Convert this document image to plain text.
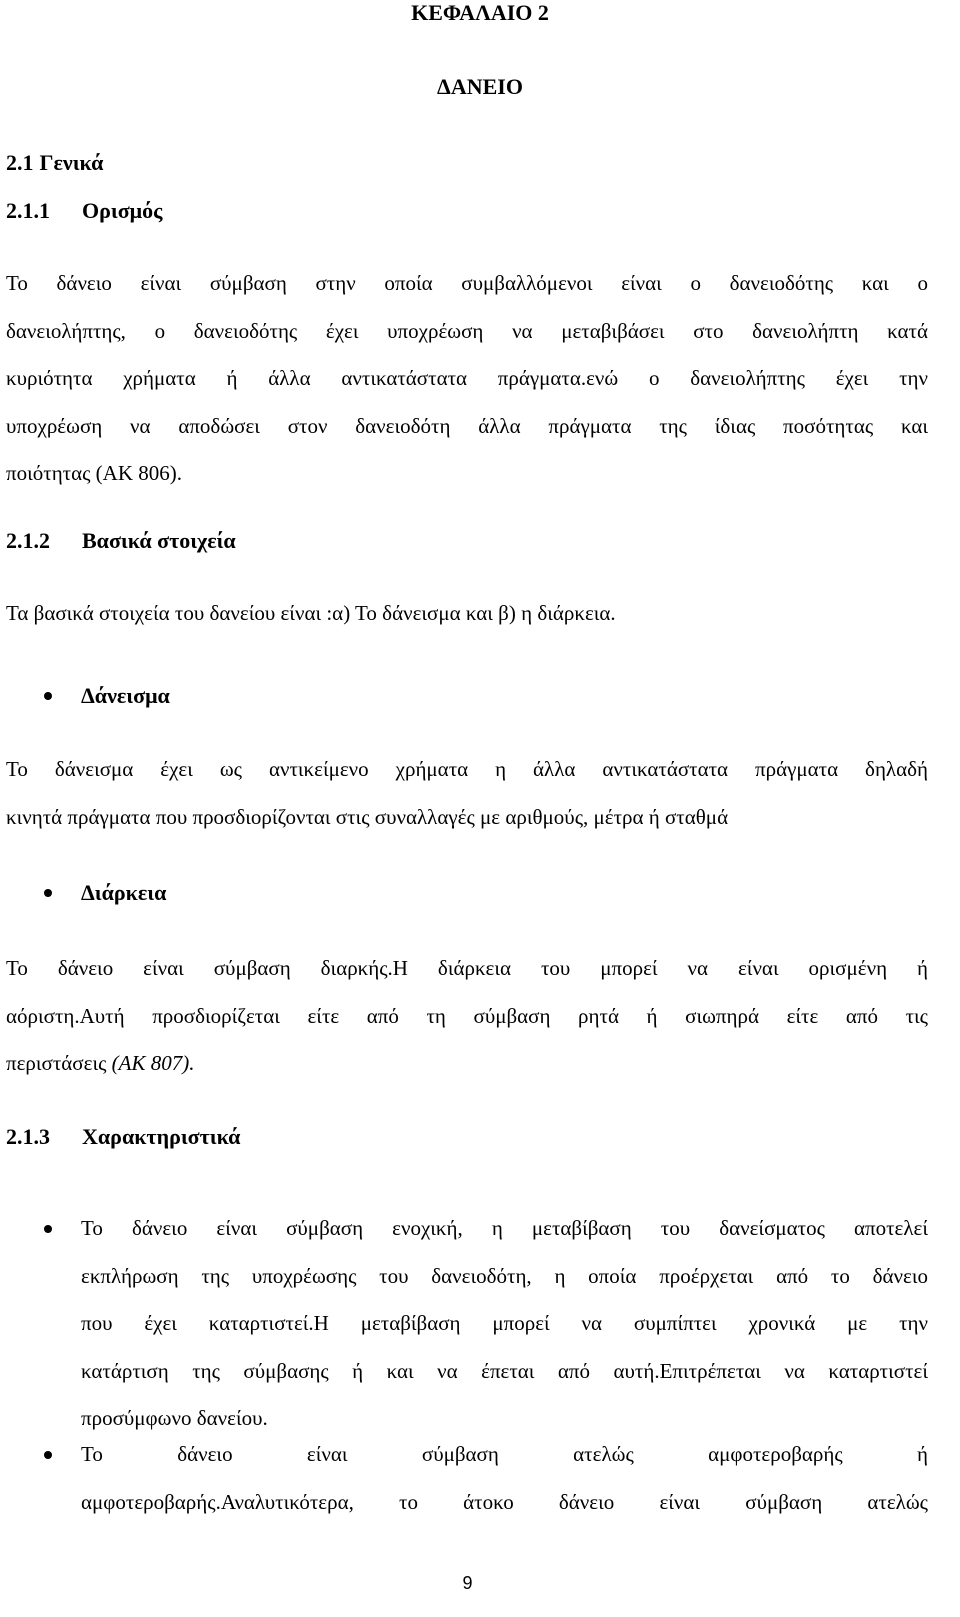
ΚΕΦΑΛΑΙΟ 2
ΔΑΝΕΙΟ
2.1 Γενικά
2.1.1 Ορισμός
Το δάνειο είναι σύμβαση στην οποία συμβαλλόμενοι είναι ο δανειοδότης και ο
δανειολήπτης, ο δανειοδότης έχει υποχρέωση να μεταβιβάσει στο δανειολήπτη κατά
κυριότητα χρήματα ή άλλα αντικατάστατα πράγματα.ενώ ο δανειολήπτης έχει την
υποχρέωση να αποδώσει στον δανειοδότη άλλα πράγματα της ίδιας ποσότητας και
ποιότητας (ΑΚ 806).
2.1.2 Βασικά στοιχεία
Τα βασικά στοιχεία του δανείου είναι :α) Το δάνεισμα και β) η διάρκεια.
Δάνεισμα
Το δάνεισμα έχει ως αντικείμενο χρήματα η άλλα αντικατάστατα πράγματα δηλαδή
κινητά πράγματα που προσδιορίζονται στις συναλλαγές με αριθμούς, μέτρα ή σταθμά
Διάρκεια
Το δάνειο είναι σύμβαση διαρκής.Η διάρκεια του μπορεί να είναι ορισμένη ή
αόριστη.Αυτή προσδιορίζεται είτε από τη σύμβαση ρητά ή σιωπηρά είτε από τις
περιστάσεις (ΑΚ 807).
2.1.3 Χαρακτηριστικά
Το δάνειο είναι σύμβαση ενοχική, η μεταβίβαση του δανείσματος αποτελεί
εκπλήρωση της υποχρέωσης του δανειοδότη, η οποία προέρχεται από το δάνειο
που έχει καταρτιστεί.Η μεταβίβαση μπορεί να συμπίπτει χρονικά με την
κατάρτιση της σύμβασης ή και να έπεται από αυτή.Επιτρέπεται να καταρτιστεί
προσύμφωνο δανείου.
Το δάνειο είναι σύμβαση ατελώς αμφοτεροβαρής ή
αμφοτεροβαρής.Αναλυτικότερα, το άτοκο δάνειο είναι σύμβαση ατελώς
9
